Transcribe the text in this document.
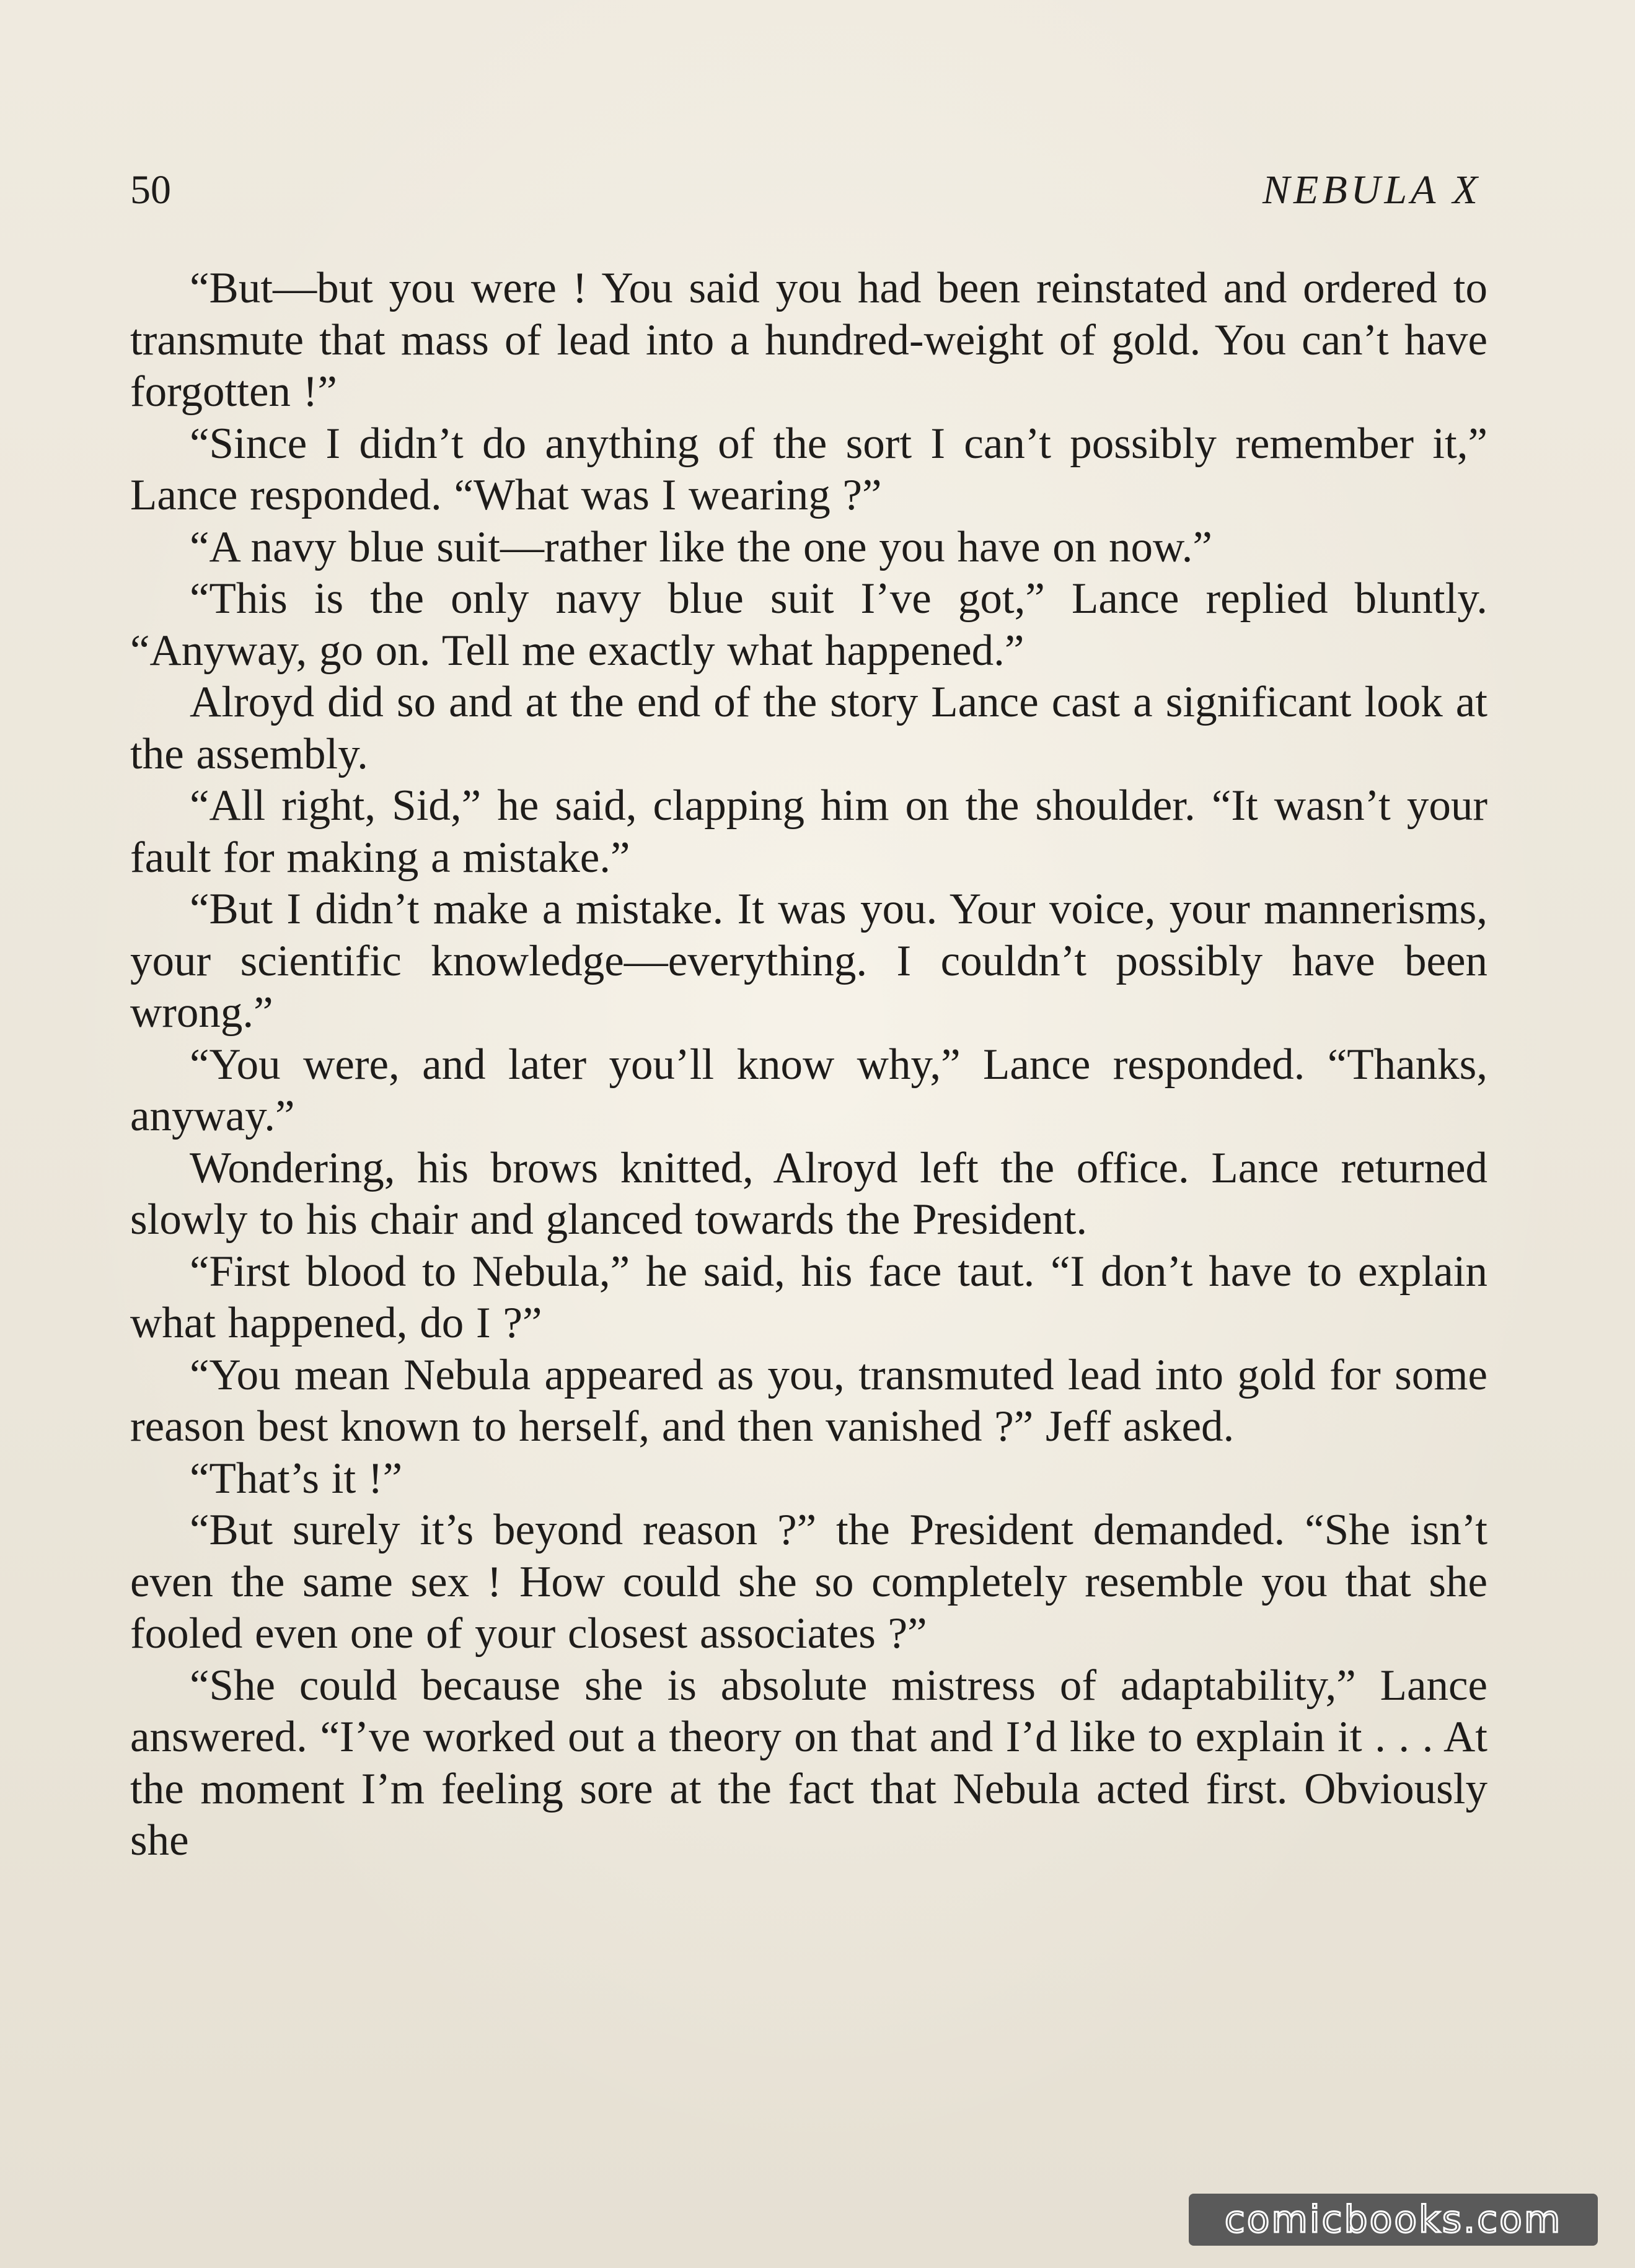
50	NEBULA X

“But—but you were ! You said you had been reinstated and ordered to transmute that mass of lead into a hundred-weight of gold. You can’t have forgotten !”

“Since I didn’t do anything of the sort I can’t possibly remember it,” Lance responded. “What was I wearing ?”

“A navy blue suit—rather like the one you have on now.”

“This is the only navy blue suit I’ve got,” Lance replied bluntly. “Anyway, go on. Tell me exactly what happened.”

Alroyd did so and at the end of the story Lance cast a significant look at the assembly.

“All right, Sid,” he said, clapping him on the shoulder. “It wasn’t your fault for making a mistake.”

“But I didn’t make a mistake. It was you. Your voice, your mannerisms, your scientific knowledge—everything. I couldn’t possibly have been wrong.”

“You were, and later you’ll know why,” Lance responded. “Thanks, anyway.”

Wondering, his brows knitted, Alroyd left the office. Lance returned slowly to his chair and glanced towards the President.

“First blood to Nebula,” he said, his face taut. “I don’t have to explain what happened, do I ?”

“You mean Nebula appeared as you, transmuted lead into gold for some reason best known to herself, and then vanished ?” Jeff asked.

“That’s it !”

“But surely it’s beyond reason ?” the President demanded. “She isn’t even the same sex ! How could she so completely resemble you that she fooled even one of your closest associates ?”

“She could because she is absolute mistress of adaptability,” Lance answered. “I’ve worked out a theory on that and I’d like to explain it . . . At the moment I’m feeling sore at the fact that Nebula acted first. Obviously she

comicbooks.com
